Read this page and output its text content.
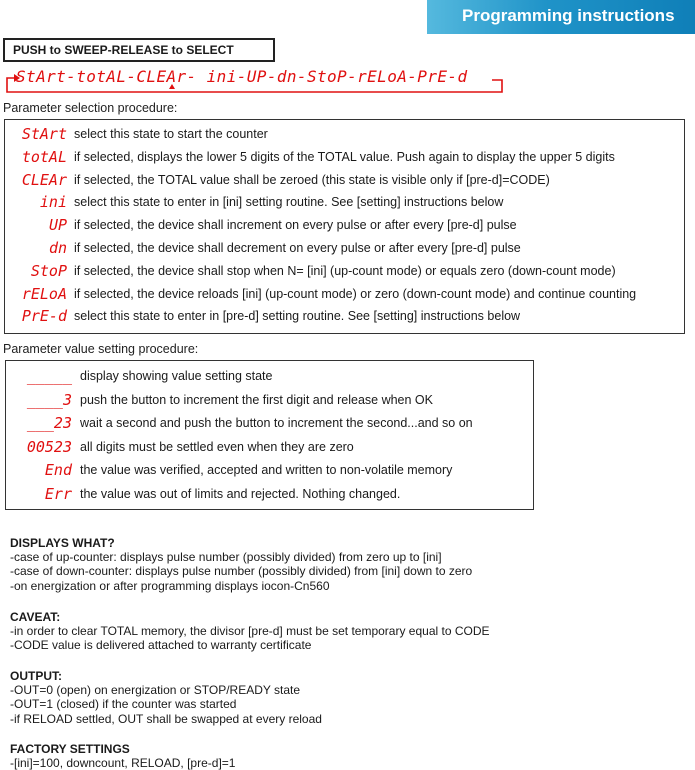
Programming instructions
PUSH to SWEEP-RELEASE to SELECT
StArt-totAL-CLEAr- ini-UP-dn-StoP-rELoA-PrE-d
Parameter selection procedure:
StArt select this state to start the counter
totAL if selected, displays the lower 5 digits of the TOTAL value. Push again to display the upper 5 digits
CLEAr if selected, the TOTAL value shall be zeroed (this state is visible only if [pre-d]=CODE)
ini select this state to enter in [ini] setting routine. See [setting] instructions below
UP if selected, the device shall increment on every pulse or after every [pre-d] pulse
dn if selected, the device shall decrement on every pulse or after every [pre-d] pulse
StoP if selected, the device shall stop when N= [ini] (up-count mode) or equals zero (down-count mode)
rELoA if selected, the device reloads [ini] (up-count mode) or zero (down-count mode) and continue counting
PrE-d select this state to enter in [pre-d] setting routine. See [setting] instructions below
Parameter value setting procedure:
_____ display showing value setting state
____3 push the button to increment the first digit and release when OK
___23 wait a second and push the button to increment the second...and so on
00523 all digits must be settled even when they are zero
End the value was verified, accepted and written to non-volatile memory
Err the value was out of limits and rejected. Nothing changed.
DISPLAYS WHAT?
-case of up-counter: displays pulse number (possibly divided) from zero up to [ini]
-case of down-counter: displays pulse number (possibly divided) from [ini] down to zero
-on energization or after programming displays iocon-Cn560
CAVEAT:
-in order to clear TOTAL memory, the divisor [pre-d] must be set temporary equal to CODE
-CODE value is delivered attached to warranty certificate
OUTPUT:
-OUT=0 (open) on energization or STOP/READY state
-OUT=1 (closed) if the counter was started
-if RELOAD settled, OUT shall be swapped at every reload
FACTORY SETTINGS
-[ini]=100, downcount, RELOAD, [pre-d]=1
